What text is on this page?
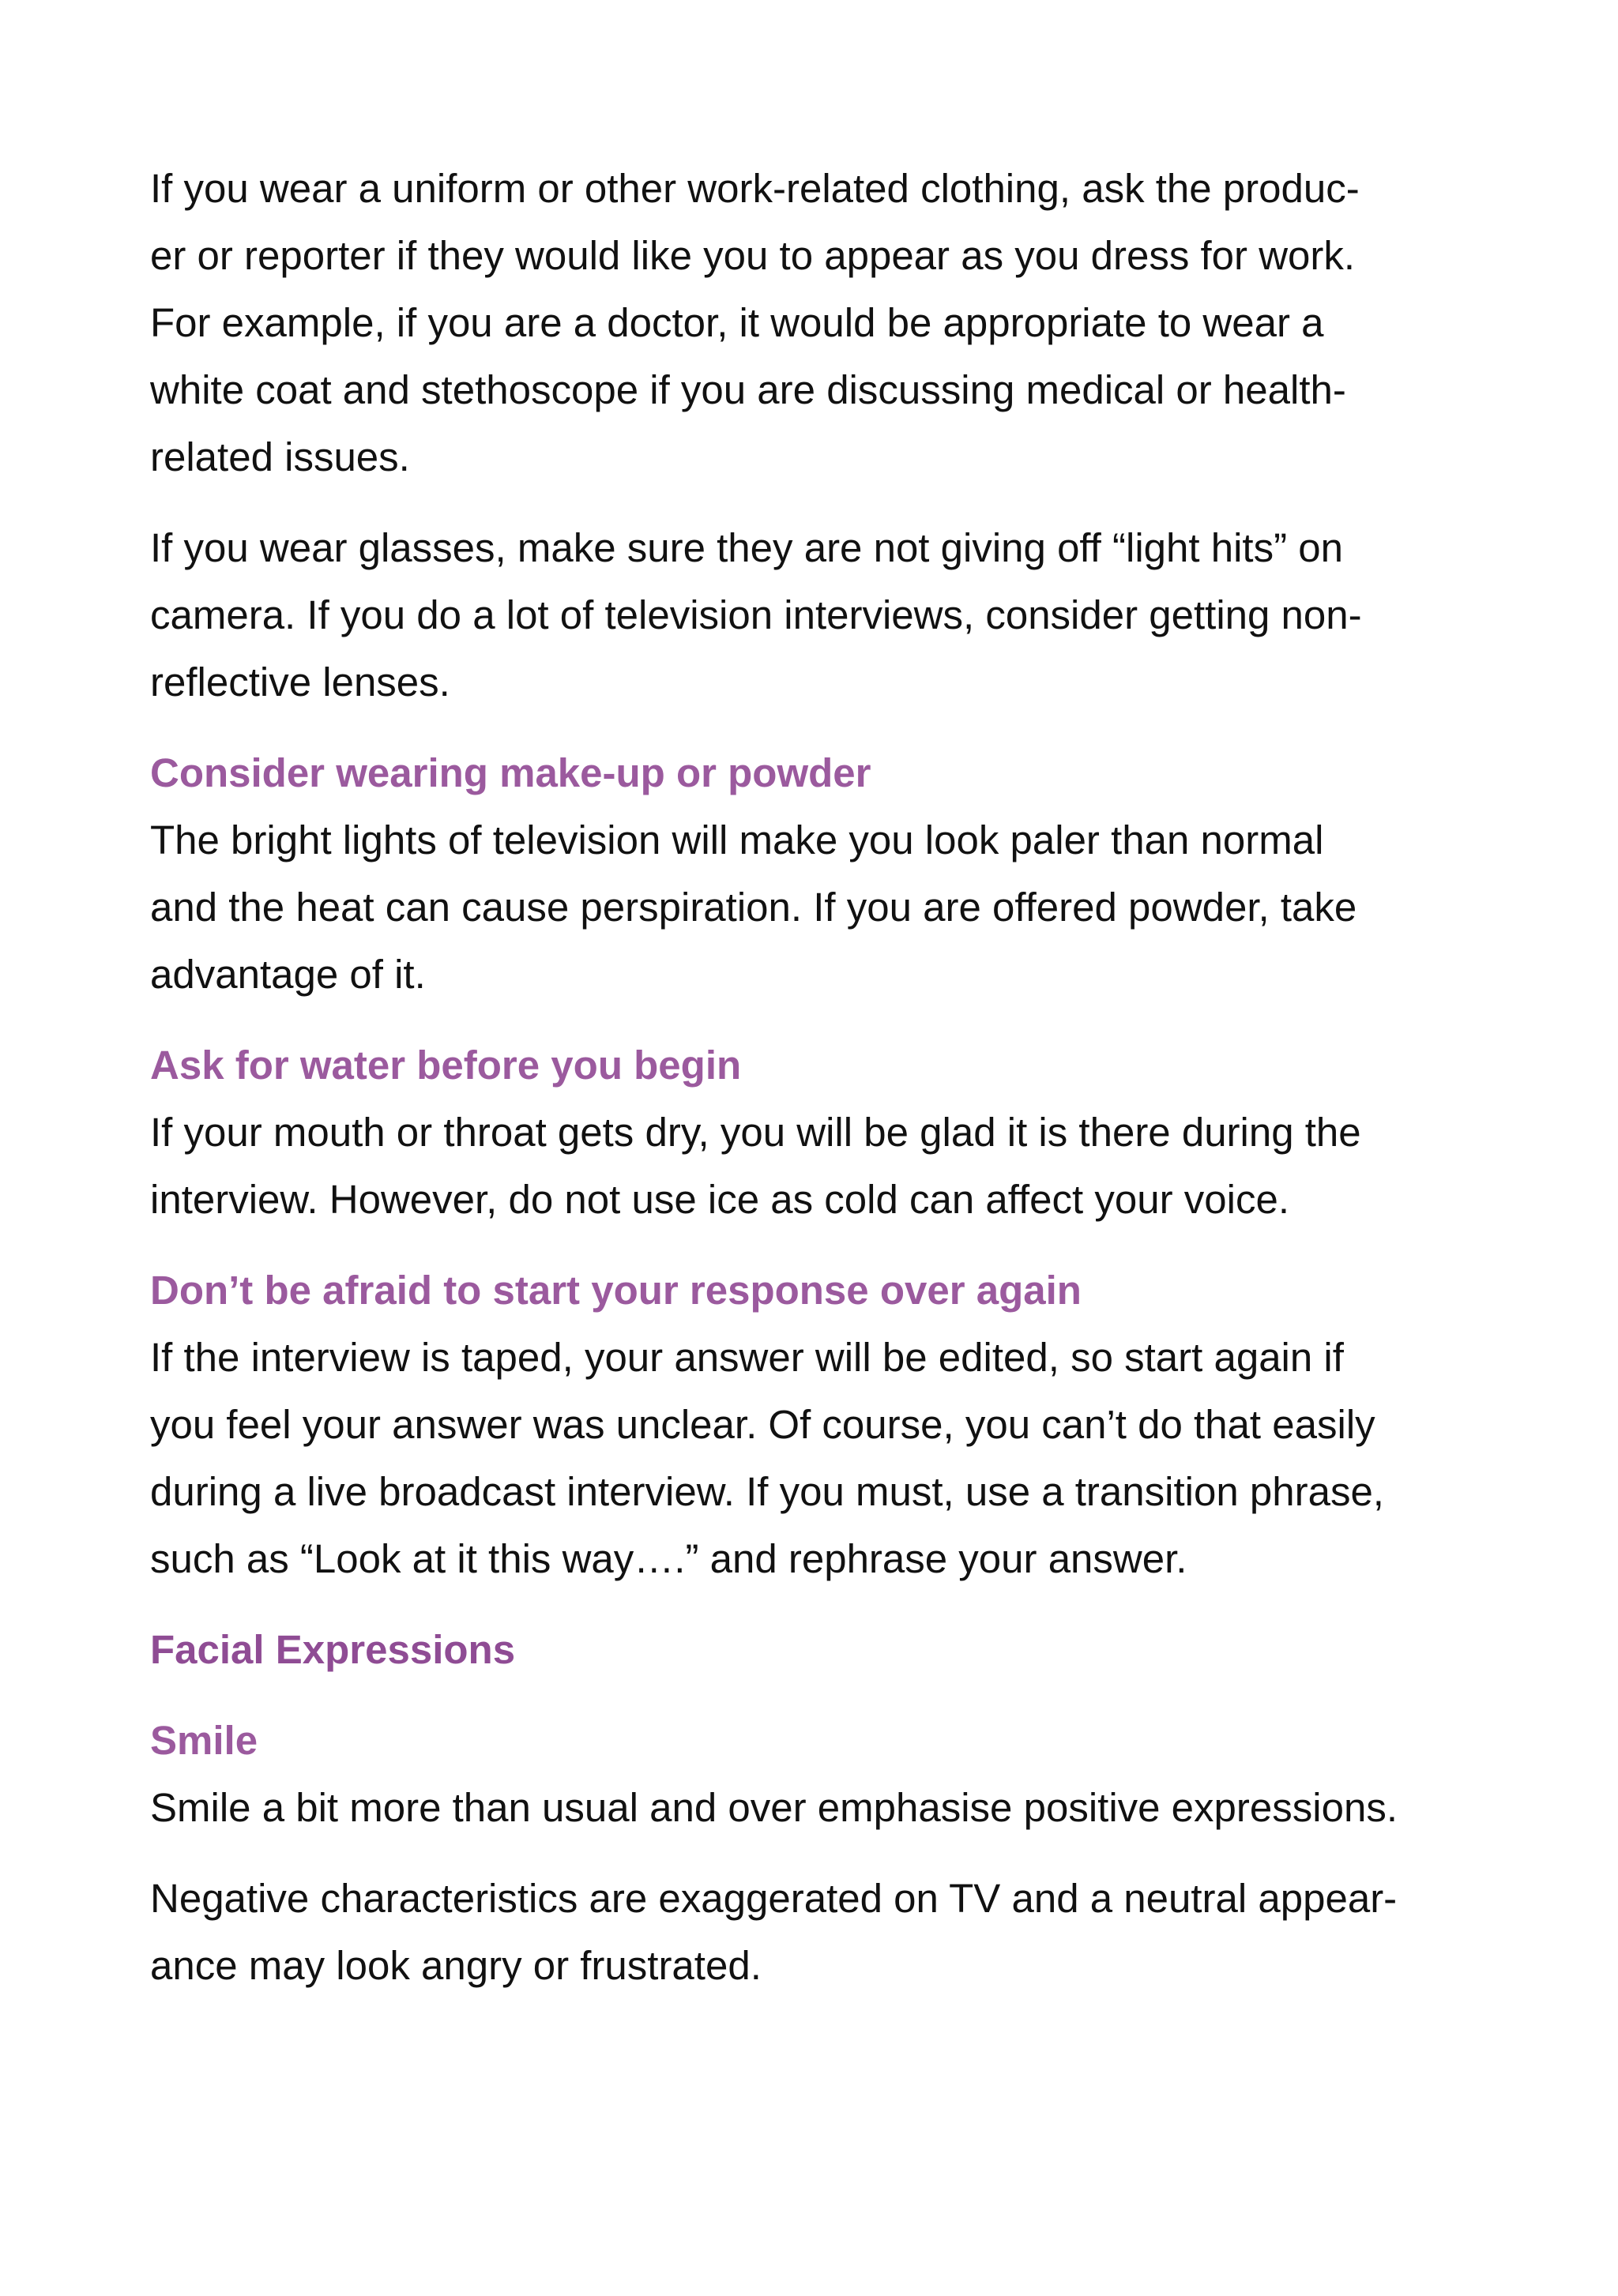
If you wear a uniform or other work-related clothing, ask the produc-

er or reporter if they would like you to appear as you dress for work.

For example, if you are a doctor, it would be appropriate to wear a

white coat and stethoscope if you are discussing medical or health-

related issues.

If you wear glasses, make sure they are not giving off “light hits” on

camera. If you do a lot of television interviews, consider getting non-

reflective lenses.

Consider wearing make-up or powder

The bright lights of television will make you look paler than normal

and the heat can cause perspiration. If you are offered powder, take

advantage of it.

Ask for water before you begin

If your mouth or throat gets dry, you will be glad it is there during the

interview. However, do not use ice as cold can affect your voice.

Don’t be afraid to start your response over again

If the interview is taped, your answer will be edited, so start again if

you feel your answer was unclear. Of course, you can’t do that easily

during a live broadcast interview. If you must, use a transition phrase,

such as “Look at it this way….” and rephrase your answer.

Facial Expressions
Smile

Smile a bit more than usual and over emphasise positive expressions.

Negative characteristics are exaggerated on TV and a neutral appear-

ance may look angry or frustrated.
